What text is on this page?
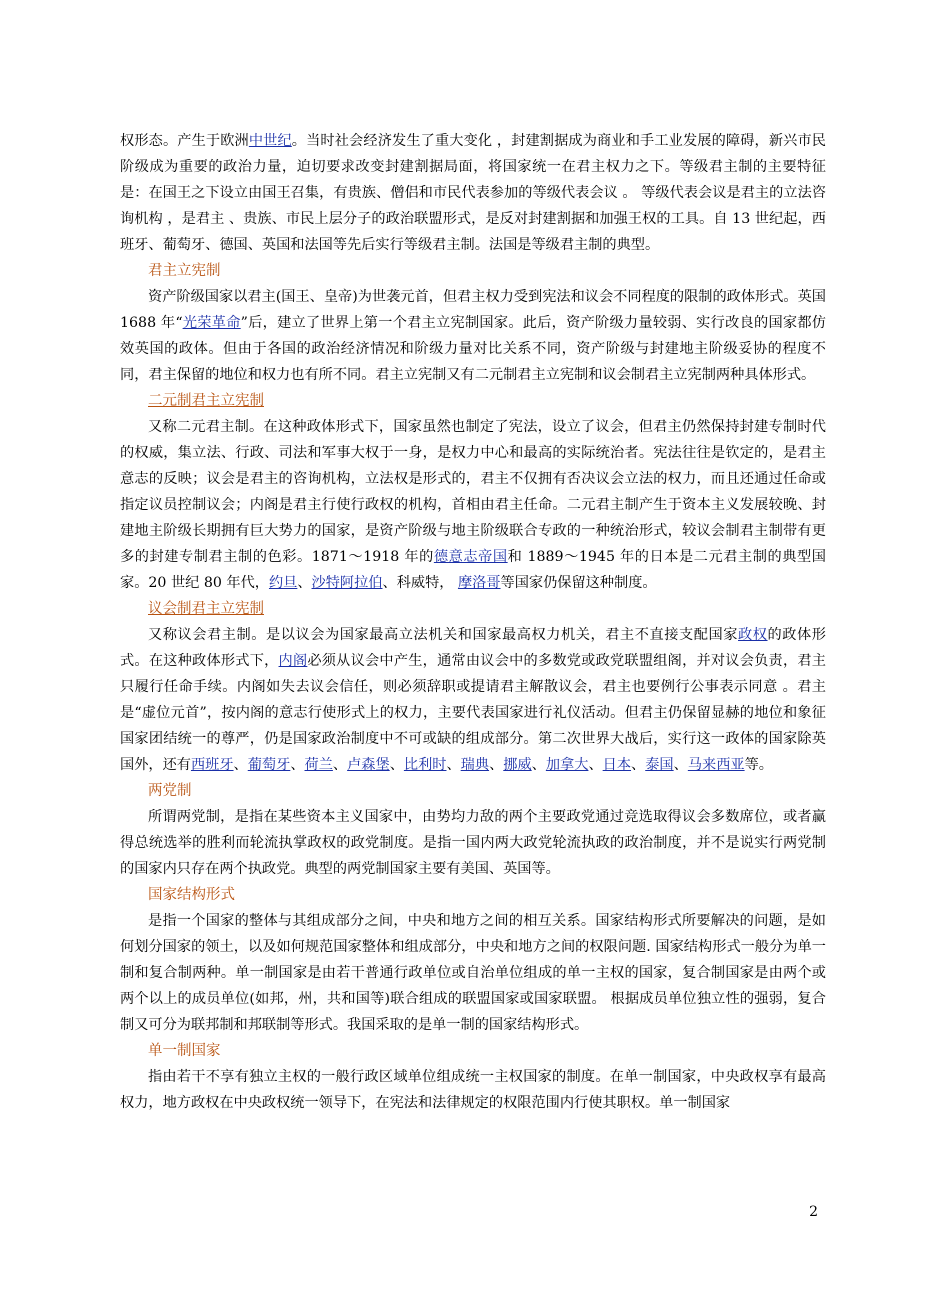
权形态。产生于欧洲中世纪。当时社会经济发生了重大变化 ，封建割据成为商业和手工业发展的障碍，新兴市民阶级成为重要的政治力量，迫切要求改变封建割据局面，将国家统一在君主权力之下。等级君主制的主要特征是：在国王之下设立由国王召集，有贵族、僧侣和市民代表参加的等级代表会议 。 等级代表会议是君主的立法咨询机构 ，是君主 、贵族、市民上层分子的政治联盟形式，是反对封建割据和加强王权的工具。自 13 世纪起，西班牙、葡萄牙、德国、英国和法国等先后实行等级君主制。法国是等级君主制的典型。

君主立宪制

资产阶级国家以君主(国王、皇帝)为世袭元首，但君主权力受到宪法和议会不同程度的限制的政体形式。英国 1688 年“光荣革命”后，建立了世界上第一个君主立宪制国家。此后，资产阶级力量较弱、实行改良的国家都仿效英国的政体。但由于各国的政治经济情况和阶级力量对比关系不同，资产阶级与封建地主阶级妥协的程度不同，君主保留的地位和权力也有所不同。君主立宪制又有二元制君主立宪制和议会制君主立宪制两种具体形式。

二元制君主立宪制

又称二元君主制。在这种政体形式下，国家虽然也制定了宪法，设立了议会，但君主仍然保持封建专制时代的权威，集立法、行政、司法和军事大权于一身，是权力中心和最高的实际统治者。宪法往往是钦定的，是君主意志的反映；议会是君主的咨询机构，立法权是形式的，君主不仅拥有否决议会立法的权力，而且还通过任命或指定议员控制议会；内阁是君主行使行政权的机构，首相由君主任命。二元君主制产生于资本主义发展较晚、封建地主阶级长期拥有巨大势力的国家，是资产阶级与地主阶级联合专政的一种统治形式，较议会制君主制带有更多的封建专制君主制的色彩。1871～1918 年的德意志帝国和 1889～1945 年的日本是二元君主制的典型国家。20 世纪 80 年代，约旦、沙特阿拉伯、科威特， 摩洛哥等国家仍保留这种制度。

议会制君主立宪制

又称议会君主制。是以议会为国家最高立法机关和国家最高权力机关，君主不直接支配国家政权的政体形式。在这种政体形式下，内阁必须从议会中产生，通常由议会中的多数党或政党联盟组阁，并对议会负责，君主只履行任命手续。内阁如失去议会信任，则必须辞职或提请君主解散议会，君主也要例行公事表示同意 。君主是“虚位元首”，按内阁的意志行使形式上的权力，主要代表国家进行礼仪活动。但君主仍保留显赫的地位和象征国家团结统一的尊严，仍是国家政治制度中不可或缺的组成部分。第二次世界大战后，实行这一政体的国家除英国外，还有西班牙、葡萄牙、荷兰、卢森堡、比利时、瑞典、挪威、加拿大、日本、泰国、马来西亚等。

两党制

所谓两党制，是指在某些资本主义国家中，由势均力敌的两个主要政党通过竞选取得议会多数席位，或者赢得总统选举的胜利而轮流执掌政权的政党制度。是指一国内两大政党轮流执政的政治制度，并不是说实行两党制的国家内只存在两个执政党。典型的两党制国家主要有美国、英国等。

国家结构形式

是指一个国家的整体与其组成部分之间，中央和地方之间的相互关系。国家结构形式所要解决的问题，是如何划分国家的领土，以及如何规范国家整体和组成部分，中央和地方之间的权限问题. 国家结构形式一般分为单一制和复合制两种。单一制国家是由若干普通行政单位或自治单位组成的单一主权的国家，复合制国家是由两个或两个以上的成员单位(如邦，州，共和国等)联合组成的联盟国家或国家联盟。 根据成员单位独立性的强弱，复合制又可分为联邦制和邦联制等形式。我国采取的是单一制的国家结构形式。

单一制国家

指由若干不享有独立主权的一般行政区域单位组成统一主权国家的制度。在单一制国家，中央政权享有最高权力，地方政权在中央政权统一领导下，在宪法和法律规定的权限范围内行使其职权。单一制国家

2
